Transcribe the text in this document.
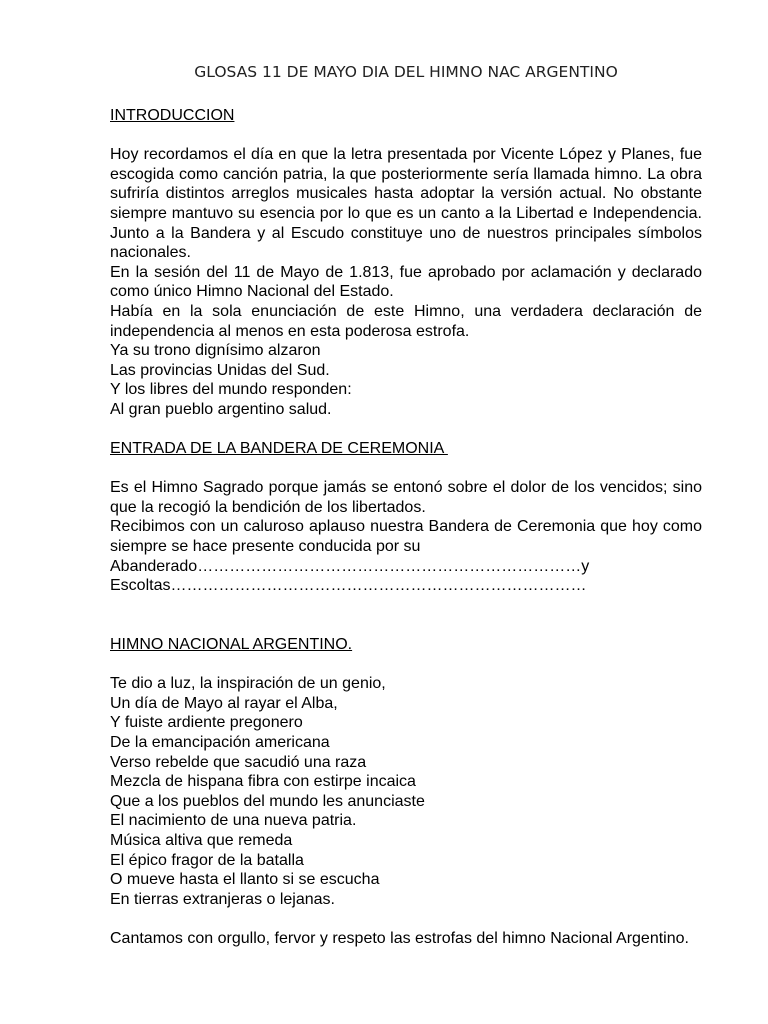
GLOSAS 11 DE MAYO DIA DEL HIMNO NAC ARGENTINO
INTRODUCCION

Hoy recordamos el día en que la letra presentada por Vicente López y Planes, fue escogida como canción patria, la que posteriormente sería llamada himno. La obra sufriría distintos arreglos musicales hasta adoptar la versión actual. No obstante siempre mantuvo su esencia por lo que es un canto a la Libertad e Independencia. Junto a la Bandera y al Escudo constituye uno de nuestros principales símbolos nacionales.

En la sesión del 11 de Mayo de 1.813, fue aprobado por aclamación y declarado como único Himno Nacional del Estado.

Había en la sola enunciación de este Himno, una verdadera declaración de independencia al menos en esta poderosa estrofa.

Ya su trono dignísimo alzaron

Las provincias Unidas del Sud.

Y los libres del mundo responden:

Al gran pueblo argentino salud.

ENTRADA DE LA BANDERA DE CEREMONIA

Es el Himno Sagrado porque jamás se entonó sobre el dolor de los vencidos; sino que la recogió la bendición de los libertados.

Recibimos con un caluroso aplauso nuestra Bandera de Ceremonia que hoy como siempre se hace presente conducida por su

Abanderado………………………………………………………………y

Escoltas……………………………………………………………………

HIMNO NACIONAL ARGENTINO.

Te dio a luz, la inspiración de un genio,

Un día de Mayo al rayar el Alba,

Y fuiste ardiente pregonero

De la emancipación americana

Verso rebelde que sacudió una raza

Mezcla de hispana fibra con estirpe incaica

Que a los pueblos del mundo les anunciaste

El nacimiento de una nueva patria.

Música altiva que remeda

El épico fragor de la batalla

O mueve hasta el llanto si se escucha

En tierras extranjeras o lejanas.

Cantamos con orgullo, fervor y respeto las estrofas del himno Nacional Argentino.
